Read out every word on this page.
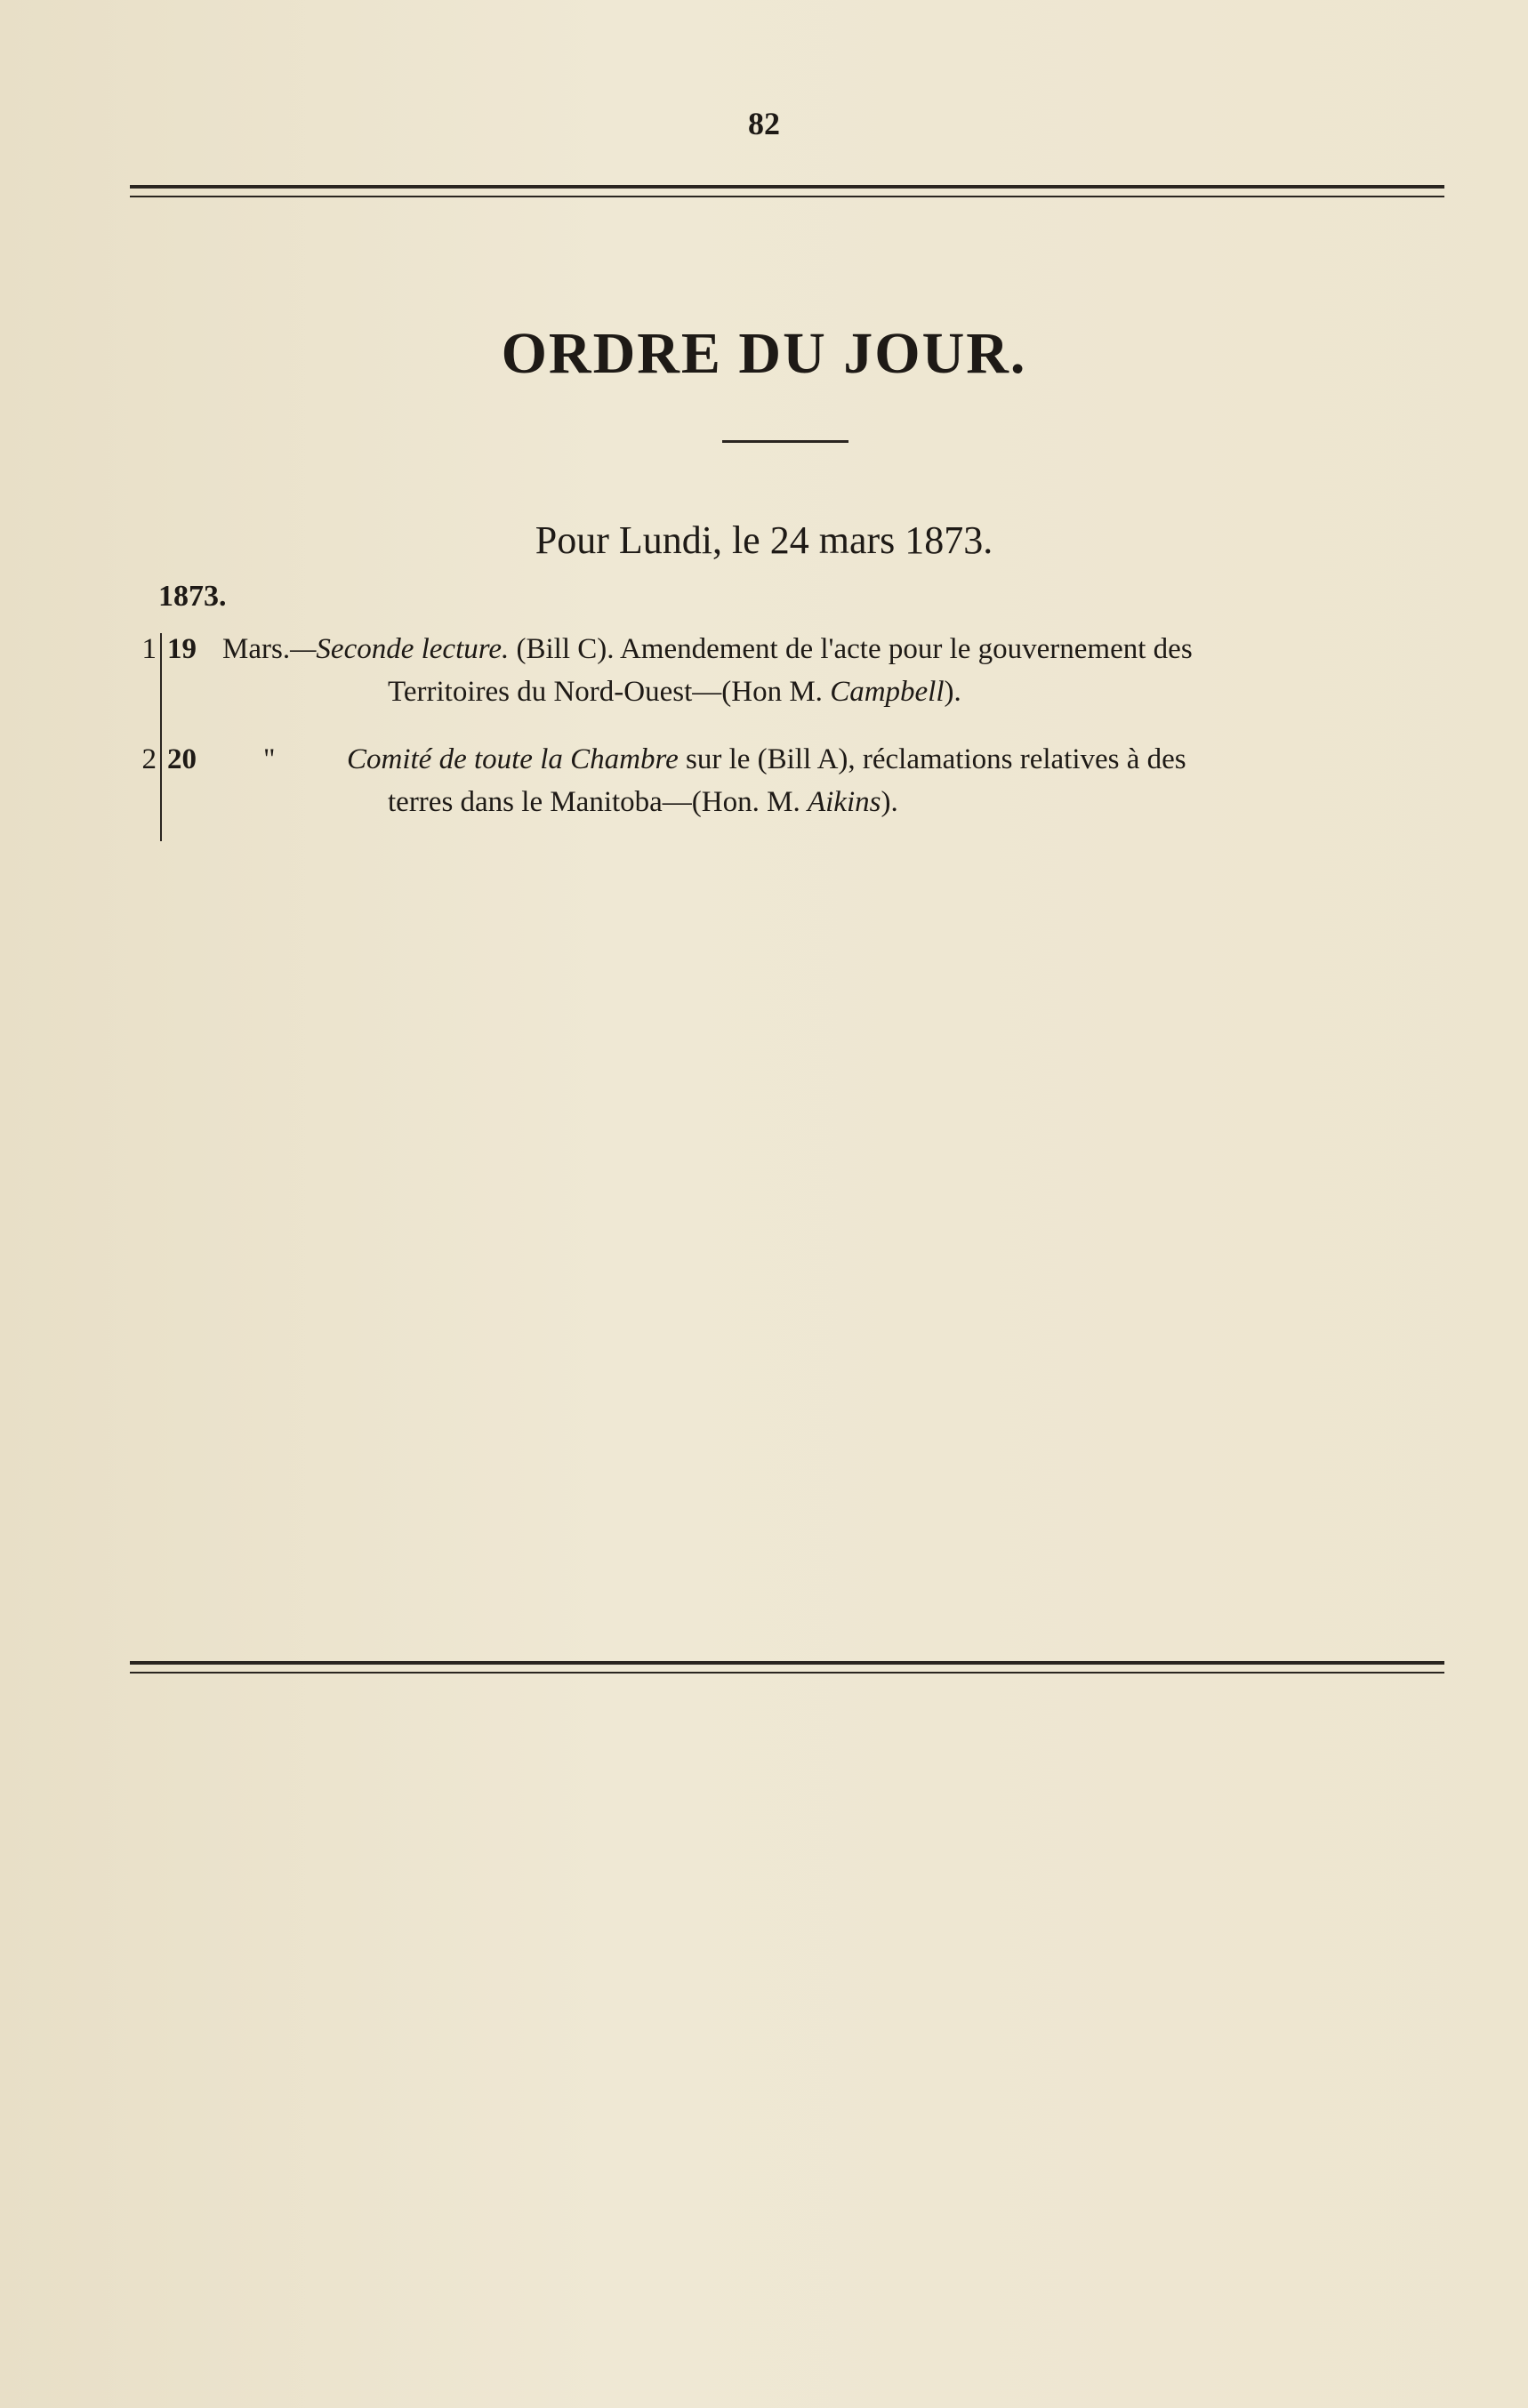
82
ORDRE DU JOUR.
Pour Lundi, le 24 mars 1873.
1873.
1 19 Mars.—Seconde lecture. (Bill C). Amendement de l'acte pour le gouvernement des
Territoires du Nord-Ouest—(Hon M. Campbell).
2 20 " Comité de toute la Chambre sur le (Bill A), réclamations relatives à des
terres dans le Manitoba—(Hon. M. Aikins).
